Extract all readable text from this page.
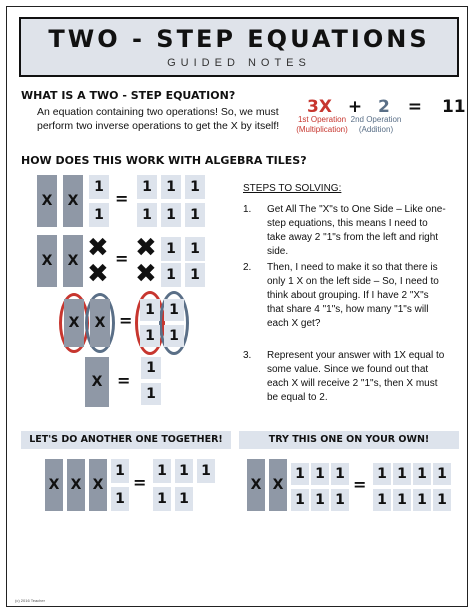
TWO - STEP EQUATIONS
GUIDED NOTES
WHAT IS A TWO - STEP EQUATION?
An equation containing two operations! So, we must
perform two inverse operations to get the X by itself!
3X + 2 = 11
1st Operation
(Multiplication)
2nd Operation
(Addition)
HOW DOES THIS WORK WITH ALGEBRA TILES?
X	X
1
1
=
1	1	1
1	1	1
X	X ✖
✖
= ✖
✖
1	1
1	1
X	X =
1
1
1
1
X =
1
1
STEPS TO SOLVING:
1.	Get All The "X"s to One Side – Like one-step equations, this means I need to take away 2 "1"s from the left and right side.
2.	Then, I need to make it so that there is only 1 X on the left side – So, I need to think about grouping. If I have 2 "X"s that share 4 "1"s, how many "1"s will each X get?
3.	Represent your answer with 1X equal to some value. Since we found out that each X will receive 2 "1"s, then X must be equal to 2.
LET'S DO ANOTHER ONE TOGETHER!	TRY THIS ONE ON YOUR OWN!
X X X
1
1
=
1 1 1
1 1
X X
1 1 1
1 1 1
=
1 1 1 1
1 1 1 1
(c) 2016 Teacher
